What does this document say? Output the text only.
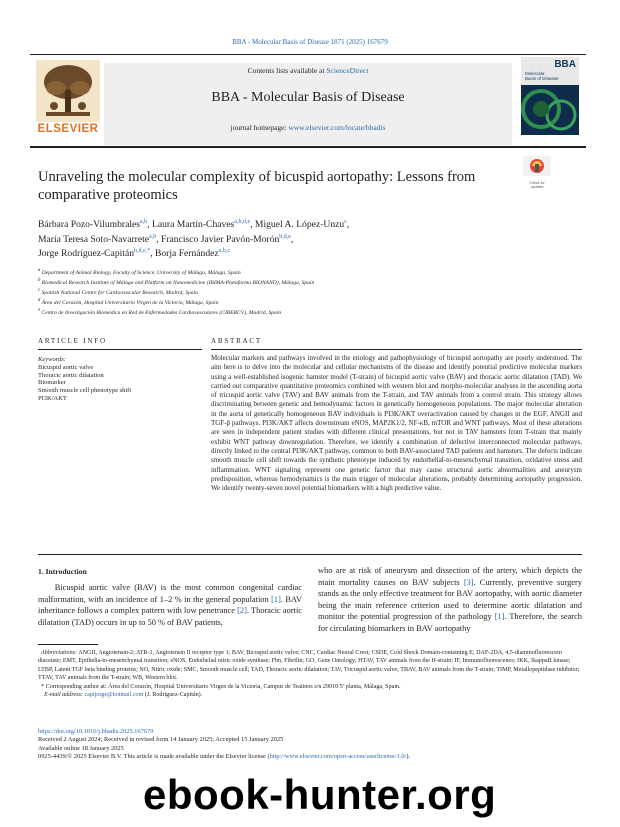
BBA - Molecular Basis of Disease 1871 (2025) 167679
ELSEVIER
Contents lists available at ScienceDirect
BBA - Molecular Basis of Disease
journal homepage: www.elsevier.com/locate/bbadis
BBA
Molecular
Basis of Disease
Check for
updates
Unraveling the molecular complexity of bicuspid aortopathy: Lessons from
comparative proteomics
Bárbara Pozo-Vilumbrales$^{a,b}$, Laura Martín-Chaves$^{a,b,d,e}$, Miguel A. López-Unzu$^c$,
María Teresa Soto-Navarrete$^{a,b}$, Francisco Javier Pavón-Morón$^{b,d,e}$,
Jorge Rodríguez-Capitán$^{b,d,e,*}$, Borja Fernández$^{a,b,c}$
$^a$ Department of Animal Biology, Faculty of Science, University of Málaga, Málaga, Spain
$^b$ Biomedical Research Institute of Málaga and Platform on Nanomedicine (IBIMA-Plataforma BIONAND), Málaga, Spain
$^c$ Spanish National Centre for Cardiovascular Research, Madrid, Spain
$^d$ Área del Corazón, Hospital Universitario Virgen de la Victoria, Málaga, Spain
$^e$ Centro de Investigación Biomédica en Red de Enfermedades Cardiovasculares (CIBERCV), Madrid, Spain
ARTICLE INFO	ABSTRACT
Keywords:
Bicuspid aortic valve
Thoracic aortic dilatation
Biomarker
Smooth muscle cell phenotype shift
PI3K/AKT
Molecular markers and pathways involved in the etiology and pathophysiology of bicuspid aortopathy are poorly understood. The aim here is to delve into the molecular and cellular mechanisms of the disease and identify potential predictive molecular markers using a well-established isogenic hamster model (T-strain) of bicuspid aortic valve (BAV) and thoracic aortic dilatation (TAD). We carried out comparative quantitative proteomics combined with western blot and morpho-molecular analyses in the ascending aorta of tricuspid aortic valve (TAV) and BAV animals from the T-strain, and TAV animals from a control strain. This strategy allows discriminating between genetic and hemodynamic factors in genetically homogeneous populations. The major molecular alteration in the aorta of genetically homogeneous BAV individuals is PI3K/AKT overactivation caused by changes in the EGF, ANGII and TGF-β pathways. PI3K/AKT affects downstream eNOS, MAP2K1/2, NF-κB, mTOR and WNT pathways. Most of these alterations are seen in independent patient studies with different clinical presentations, but not in TAV hamsters from T-strain that mainly exhibit WNT pathway downregulation. Therefore, we identify a combination of defective interconnected molecular pathways, directly linked to the central PI3K/AKT pathway, common to both BAV-associated TAD patients and hamsters. The defects indicate smooth muscle cell shift towards the synthetic phenotype induced by endothelial-to-mesenchymal transition, oxidative stress and inflammation. WNT signaling represent one genetic factor that may cause structural aortic abnormalities and aneurysm predisposition, whereas hemodynamics is the main trigger of molecular alterations, probably determining aortopathy progression. We identify twenty-seven novel potential biomarkers with a high predictive value.
1. Introduction
Bicuspid aortic valve (BAV) is the most common congenital cardiac malformation, with an incidence of 1–2 % in the general population [1]. BAV inheritance follows a complex pattern with low penetrance [2]. Thoracic aortic dilatation (TAD) occurs in up to 50 % of BAV patients,
who are at risk of aneurysm and dissection of the artery, which depicts the main mortality causes on BAV subjects [3]. Currently, preventive surgery stands as the only effective treatment for BAV aortopathy, with aortic diameter being the main reference criterion used to determine aortic dilatation and monitor the potential progression of the pathology [1]. Therefore, the search for circulating biomarkers in BAV aortopathy
Abbreviations: ANGII, Angiotensin-2; ATR-1, Angiotensin II receptor type 1; BAV, Bicuspid aortic valve; CNC, Cardiac Neural Crest; CSDE, Cold Shock Domain-containing E; DAF-2DA, 4,5-diaminofluorescein diacetate; EMT, Epithelia-to-mesenchymal transition; eNOS, Endothelial nitric oxide synthase; Fbn, Fibrilin; GO, Gene Ontology; HTAV, TAV animals from the H-strain; IF, Immunofluorescence; IKK, IkappaB kinase; LTBP, Latent TGF beta binding proteins; NO, Nitric oxide; SMC, Smooth muscle cell; TAD, Thoracic aortic dilatation; TAV, Tricuspid aortic valve; TBAV, BAV animals from the T-strain; TIMP, Metallopeptidase inhibitor; TTAV, TAV animals from the T-strain; WB, Western blot.
* Corresponding author at: Área del Corazón, Hospital Universitario Virgen de la Victoria, Campus de Teatinos s/n 29010 5ª planta, Málaga, Spain.
E-mail address: capijorge@hotmail.com (J. Rodríguez-Capitán).
https://doi.org/10.1016/j.bbadis.2025.167679
Received 2 August 2024; Received in revised form 14 January 2025; Accepted 15 January 2025
Available online 18 January 2025
0925-4439/© 2025 Elsevier B.V. This article is made available under the Elsevier license (http://www.elsevier.com/open-access/userlicense/1.0/).
ebook-hunter.org
